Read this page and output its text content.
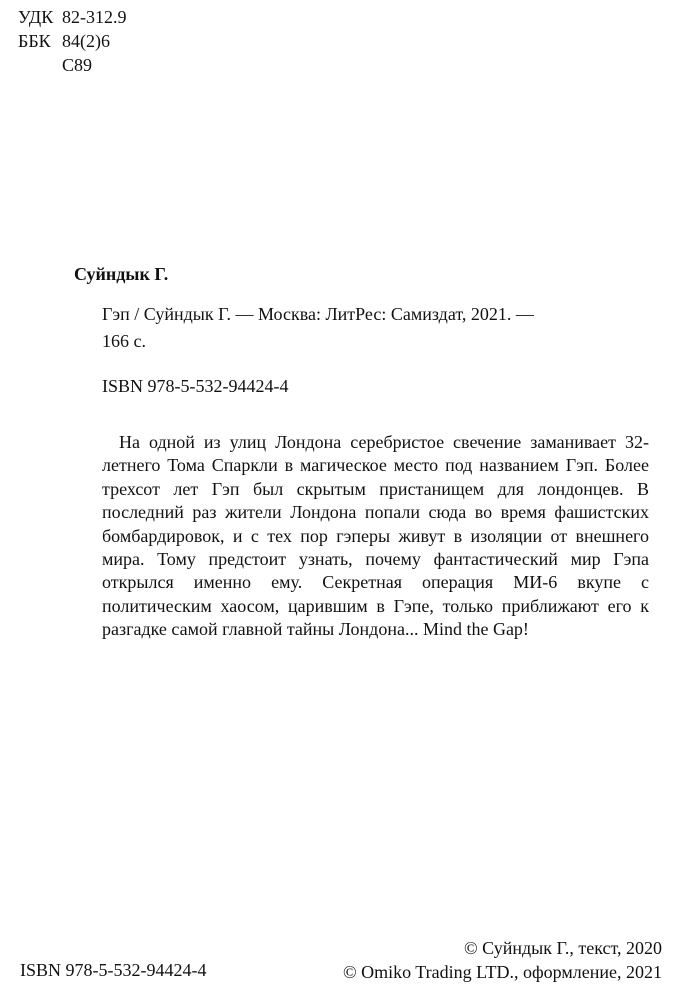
УДК 82-312.9
ББК 84(2)6
С89
Суйндык Г.
Гэп / Суйндык Г. — Москва: ЛитРес: Самиздат, 2021. —
166 с.
ISBN 978-5-532-94424-4

На одной из улиц Лондона серебристое свечение заманивает 32-летнего Тома Спаркли в магическое место под названием Гэп. Более трехсот лет Гэп был скрытым пристанищем для лондонцев. В последний раз жители Лондона попали сюда во время фашистских бомбардировок, и с тех пор гэперы живут в изоляции от внешнего мира. Тому предстоит узнать, почему фантастический мир Гэпа открылся именно ему. Секретная операция МИ-6 вкупе с политическим хаосом, царившим в Гэпе, только приближают его к разгадке самой главной тайны Лондона... Mind the Gap!

ISBN 978-5-532-94424-4
© Суйндык Г., текст, 2020
© Omiko Trading LTD., оформление, 2021
